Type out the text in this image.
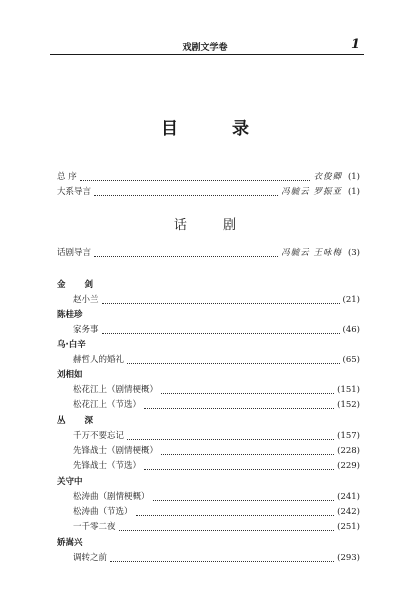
戏剧文学卷	1
目 录
总 序	衣俊卿 (1)
大系导言	冯毓云 罗振亚 (1)
话 剧
话剧导言	冯毓云 王咏梅 (3)
金 剑
赵小兰	(21)
陈桂珍
家务事	(46)
乌·白辛
赫哲人的婚礼	(65)
刘相如
松花江上（剧情梗概）	(151)
松花江上（节选）	(152)
丛 深
千万不要忘记	(157)
先锋战士（剧情梗概）	(228)
先锋战士（节选）	(229)
关守中
松涛曲（剧情梗概）	(241)
松涛曲（节选）	(242)
一千零二夜	(251)
娇嵩兴
调转之前	(293)
